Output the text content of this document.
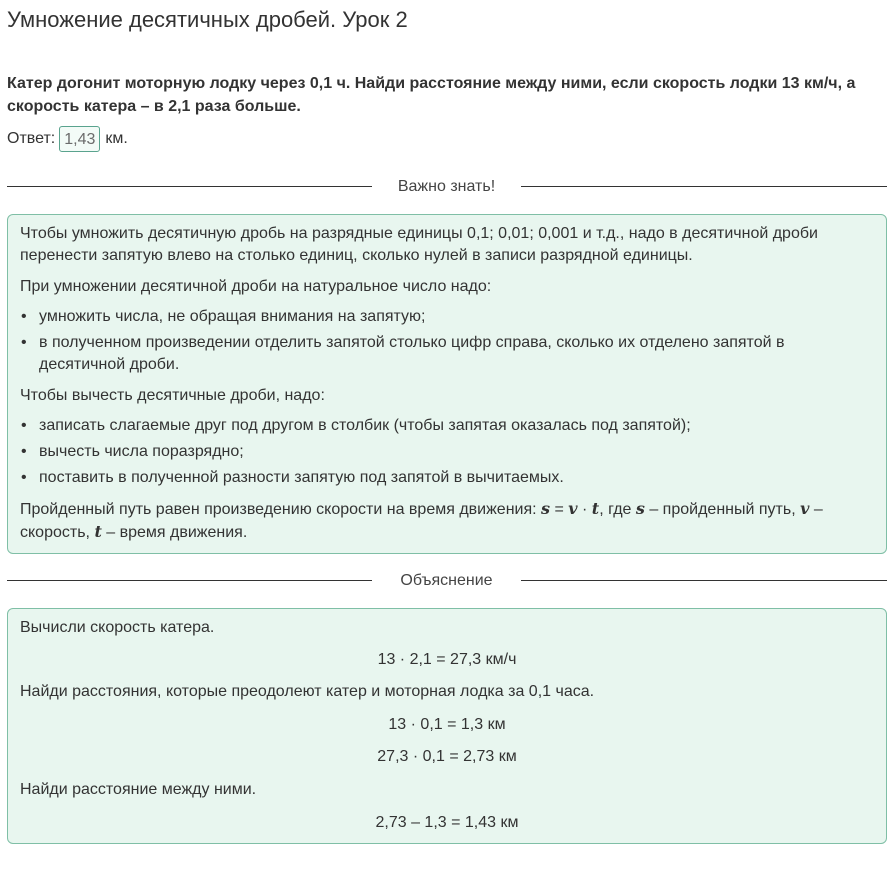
Умножение десятичных дробей. Урок 2
Катер догонит моторную лодку через 0,1 ч. Найди расстояние между ними, если скорость лодки 13 км/ч, а скорость катера – в 2,1 раза больше.
Ответ: 1,43 км.
Важно знать!

Чтобы умножить десятичную дробь на разрядные единицы 0,1; 0,01; 0,001 и т.д., надо в десятичной дроби перенести запятую влево на столько единиц, сколько нулей в записи разрядной единицы.

При умножении десятичной дроби на натуральное число надо:

• умножить числа, не обращая внимания на запятую;
• в полученном произведении отделить запятой столько цифр справа, сколько их отделено запятой в десятичной дроби.

Чтобы вычесть десятичные дроби, надо:

• записать слагаемые друг под другом в столбик (чтобы запятая оказалась под запятой);
• вычесть числа поразрядно;
• поставить в полученной разности запятую под запятой в вычитаемых.

Пройденный путь равен произведению скорости на время движения: s = v · t, где s – пройденный путь, v – скорость, t – время движения.

Объяснение

Вычисли скорость катера.

13 · 2,1 = 27,3 км/ч

Найди расстояния, которые преодолеют катер и моторная лодка за 0,1 часа.

13 · 0,1 = 1,3 км

27,3 · 0,1 = 2,73 км

Найди расстояние между ними.

2,73 – 1,3 = 1,43 км
